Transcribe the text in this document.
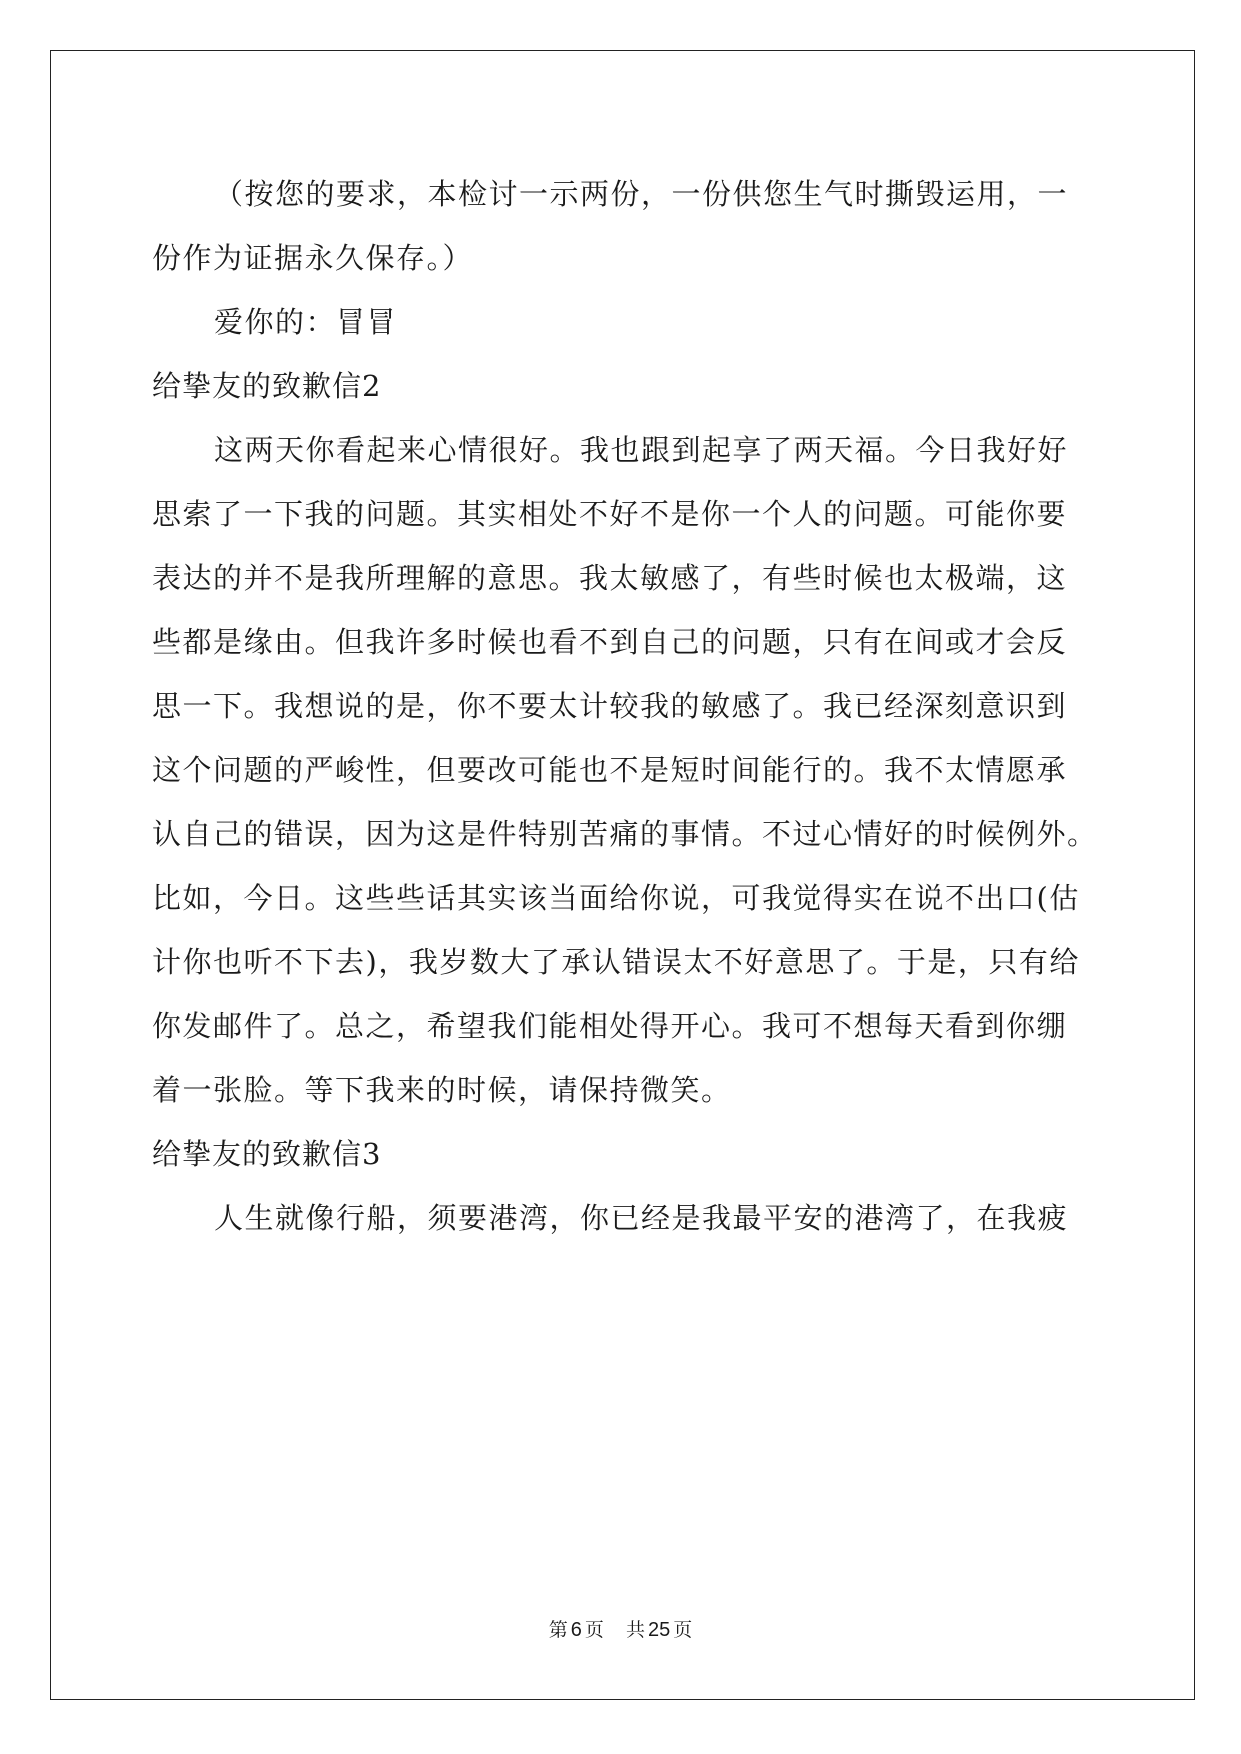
（按您的要求，本检讨一示两份，一份供您生气时撕毁运用，一
份作为证据永久保存。）
爱你的：冒冒
给挚友的致歉信2
这两天你看起来心情很好。我也跟到起享了两天福。今日我好好
思索了一下我的问题。其实相处不好不是你一个人的问题。可能你要
表达的并不是我所理解的意思。我太敏感了，有些时候也太极端，这
些都是缘由。但我许多时候也看不到自己的问题，只有在间或才会反
思一下。我想说的是，你不要太计较我的敏感了。我已经深刻意识到
这个问题的严峻性，但要改可能也不是短时间能行的。我不太情愿承
认自己的错误，因为这是件特别苦痛的事情。不过心情好的时候例外。
比如，今日。这些些话其实该当面给你说，可我觉得实在说不出口(估
计你也听不下去)，我岁数大了承认错误太不好意思了。于是，只有给
你发邮件了。总之，希望我们能相处得开心。我可不想每天看到你绷
着一张脸。等下我来的时候，请保持微笑。
给挚友的致歉信3
人生就像行船，须要港湾，你已经是我最平安的港湾了，在我疲
第 6 页 共 25 页
